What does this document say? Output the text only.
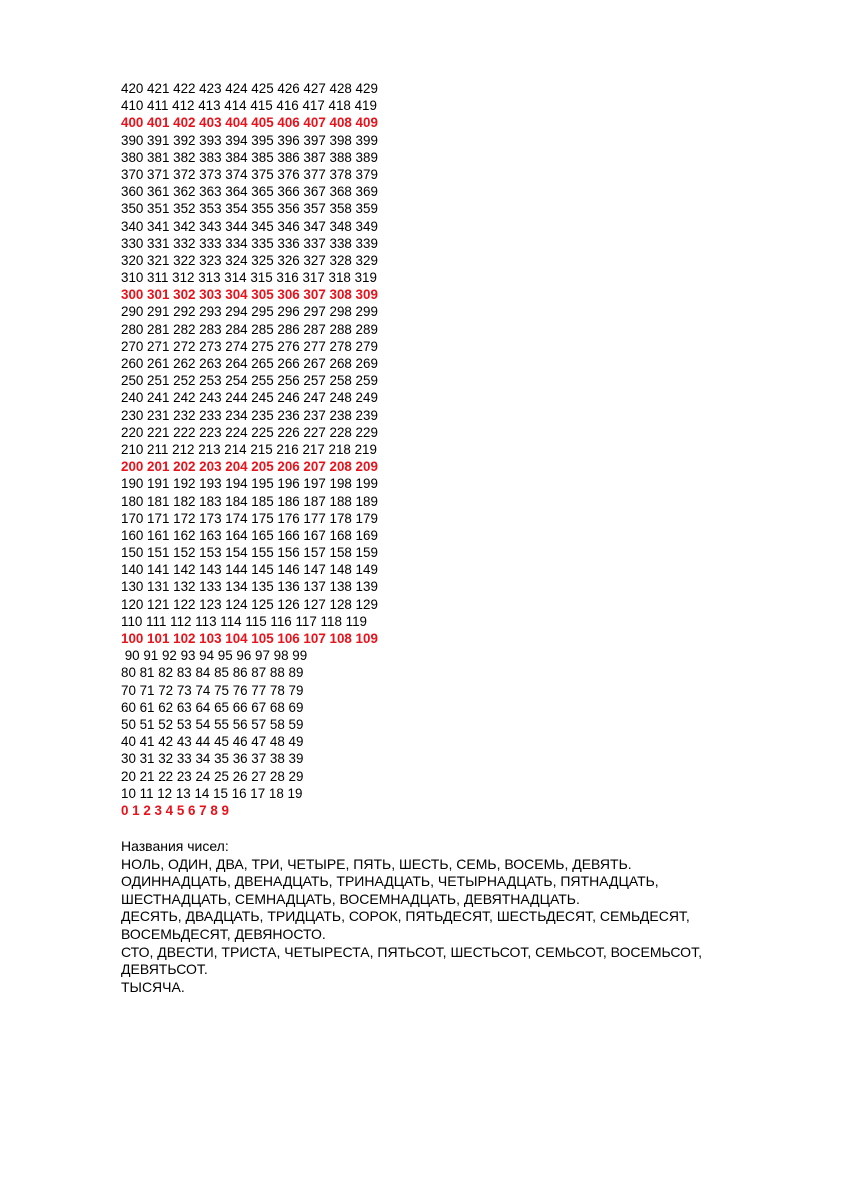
420 421 422 423 424 425 426 427 428 429
410 411 412 413 414 415 416 417 418 419
400 401 402 403 404 405 406 407 408 409
390 391 392 393 394 395 396 397 398 399
380 381 382 383 384 385 386 387 388 389
370 371 372 373 374 375 376 377 378 379
360 361 362 363 364 365 366 367 368 369
350 351 352 353 354 355 356 357 358 359
340 341 342 343 344 345 346 347 348 349
330 331 332 333 334 335 336 337 338 339
320 321 322 323 324 325 326 327 328 329
310 311 312 313 314 315 316 317 318 319
300 301 302 303 304 305 306 307 308 309
290 291 292 293 294 295 296 297 298 299
280 281 282 283 284 285 286 287 288 289
270 271 272 273 274 275 276 277 278 279
260 261 262 263 264 265 266 267 268 269
250 251 252 253 254 255 256 257 258 259
240 241 242 243 244 245 246 247 248 249
230 231 232 233 234 235 236 237 238 239
220 221 222 223 224 225 226 227 228 229
210 211 212 213 214 215 216 217 218 219
200 201 202 203 204 205 206 207 208 209
190 191 192 193 194 195 196 197 198 199
180 181 182 183 184 185 186 187 188 189
170 171 172 173 174 175 176 177 178 179
160 161 162 163 164 165 166 167 168 169
150 151 152 153 154 155 156 157 158 159
140 141 142 143 144 145 146 147 148 149
130 131 132 133 134 135 136 137 138 139
120 121 122 123 124 125 126 127 128 129
110 111 112 113 114 115 116 117 118 119
100 101 102 103 104 105 106 107 108 109
90 91 92 93 94 95 96 97 98 99
80 81 82 83 84 85 86 87 88 89
70 71 72 73 74 75 76 77 78 79
60 61 62 63 64 65 66 67 68 69
50 51 52 53 54 55 56 57 58 59
40 41 42 43 44 45 46 47 48 49
30 31 32 33 34 35 36 37 38 39
20 21 22 23 24 25 26 27 28 29
10 11 12 13 14 15 16 17 18 19
0 1 2 3 4 5 6 7 8 9
Названия чисел:
НОЛЬ, ОДИН, ДВА, ТРИ, ЧЕТЫРЕ, ПЯТЬ, ШЕСТЬ, СЕМЬ, ВОСЕМЬ, ДЕВЯТЬ.
ОДИННАДЦАТЬ, ДВЕНАДЦАТЬ, ТРИНАДЦАТЬ, ЧЕТЫРНАДЦАТЬ, ПЯТНАДЦАТЬ,
ШЕСТНАДЦАТЬ, СЕМНАДЦАТЬ, ВОСЕМНАДЦАТЬ, ДЕВЯТНАДЦАТЬ.
ДЕСЯТЬ, ДВАДЦАТЬ, ТРИДЦАТЬ, СОРОК, ПЯТЬДЕСЯТ, ШЕСТЬДЕСЯТ, СЕМЬДЕСЯТ,
ВОСЕМЬДЕСЯТ, ДЕВЯНОСТО.
СТО, ДВЕСТИ, ТРИСТА, ЧЕТЫРЕСТА, ПЯТЬСОТ, ШЕСТЬСОТ, СЕМЬСОТ, ВОСЕМЬСОТ,
ДЕВЯТЬСОТ.
ТЫСЯЧА.
